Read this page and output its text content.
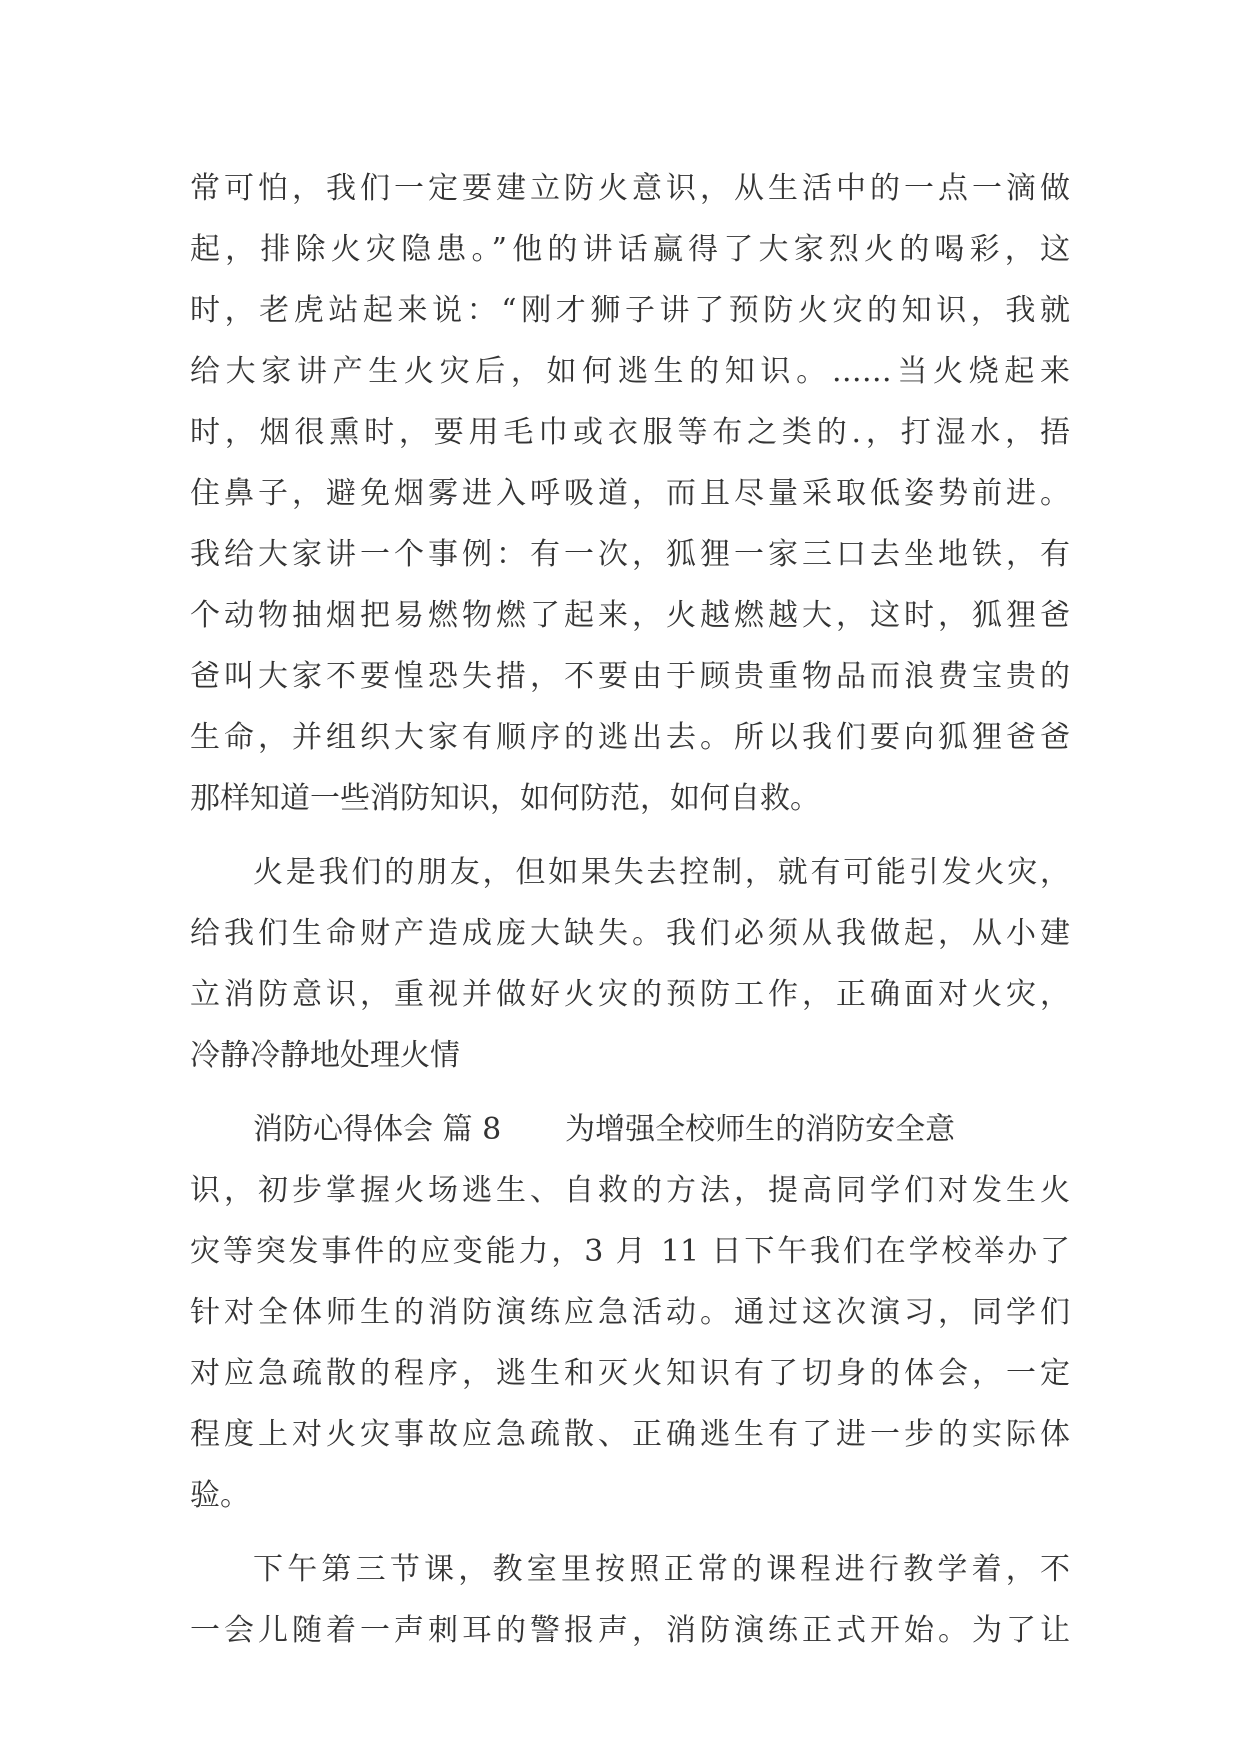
常可怕，我们一定要建立防火意识，从生活中的一点一滴做
起，排除火灾隐患。”他的讲话赢得了大家烈火的喝彩，这
时，老虎站起来说：“刚才狮子讲了预防火灾的知识，我就
给大家讲产生火灾后，如何逃生的知识。……当火烧起来
时，烟很熏时，要用毛巾或衣服等布之类的.，打湿水，捂
住鼻子，避免烟雾进入呼吸道，而且尽量采取低姿势前进。
我给大家讲一个事例：有一次，狐狸一家三口去坐地铁，有
个动物抽烟把易燃物燃了起来，火越燃越大，这时，狐狸爸
爸叫大家不要惶恐失措，不要由于顾贵重物品而浪费宝贵的
生命，并组织大家有顺序的逃出去。所以我们要向狐狸爸爸
那样知道一些消防知识，如何防范，如何自救。
火是我们的朋友，但如果失去控制，就有可能引发火灾，
给我们生命财产造成庞大缺失。我们必须从我做起，从小建
立消防意识，重视并做好火灾的预防工作，正确面对火灾，
冷静冷静地处理火情
消防心得体会 篇 8 为增强全校师生的消防安全意
识，初步掌握火场逃生、自救的方法，提高同学们对发生火
灾等突发事件的应变能力，3 月 11 日下午我们在学校举办了
针对全体师生的消防演练应急活动。通过这次演习，同学们
对应急疏散的程序，逃生和灭火知识有了切身的体会，一定
程度上对火灾事故应急疏散、正确逃生有了进一步的实际体
验。
下午第三节课，教室里按照正常的课程进行教学着，不
一会儿随着一声刺耳的警报声，消防演练正式开始。为了让
